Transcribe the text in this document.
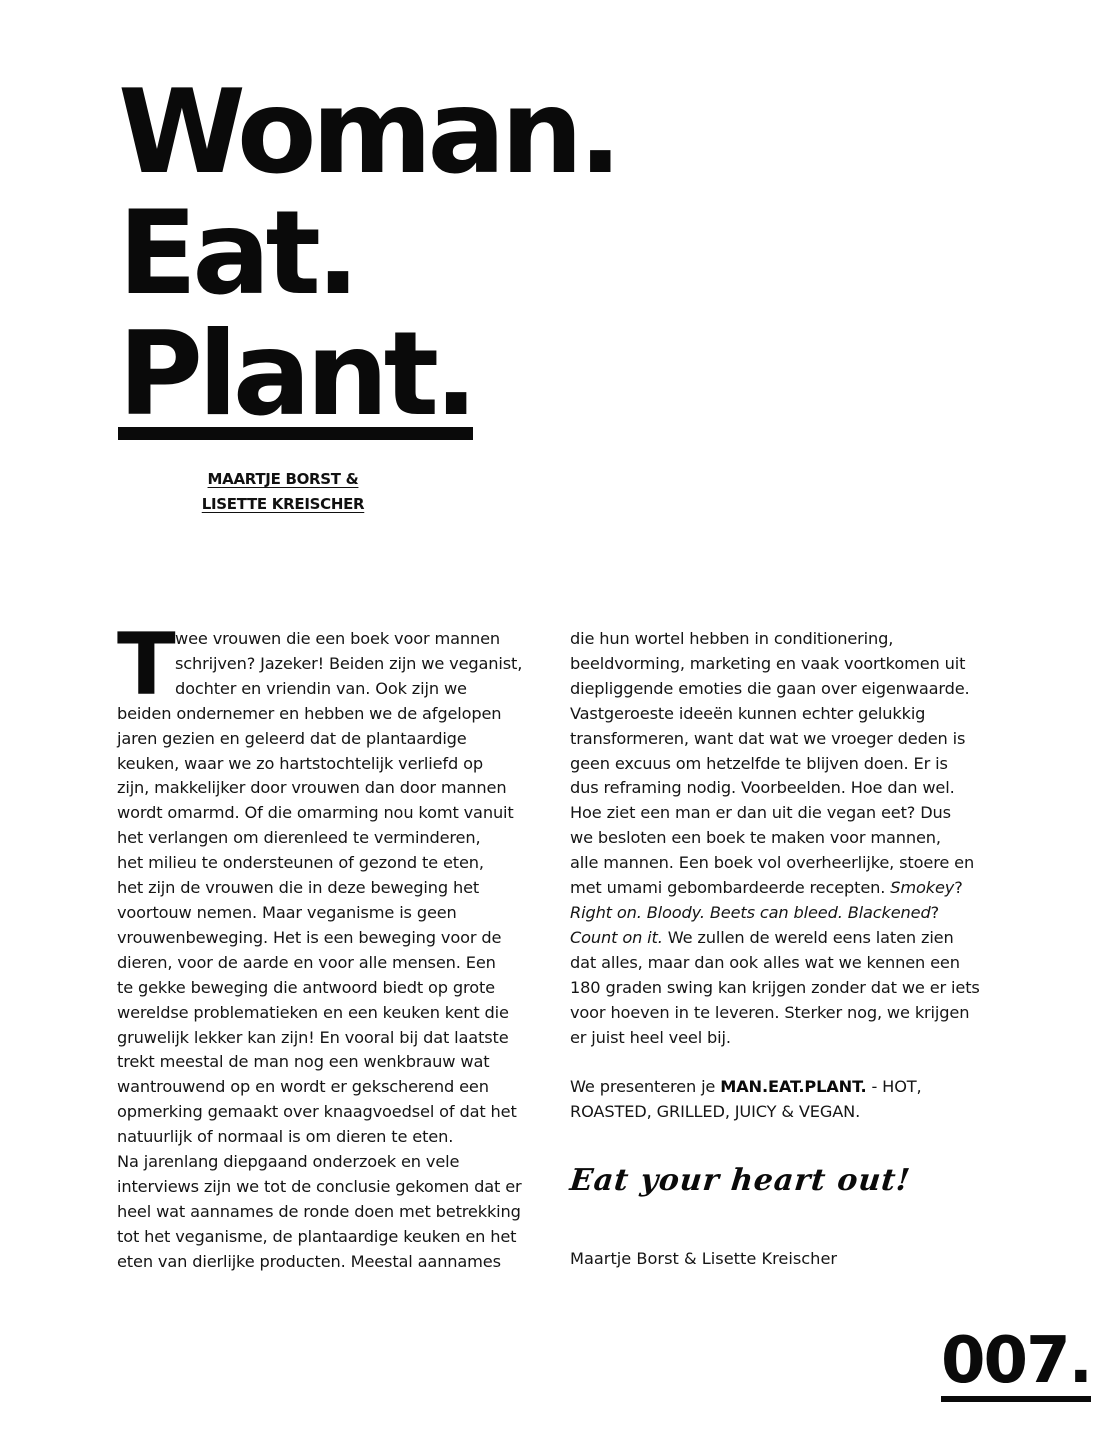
Woman.
Eat.
Plant.
MAARTJE BORST &
LISETTE KREISCHER
T wee vrouwen die een boek voor mannen
schrijven? Jazeker! Beiden zijn we veganist,
dochter en vriendin van. Ook zijn we
beiden ondernemer en hebben we de afgelopen
jaren gezien en geleerd dat de plantaardige
keuken, waar we zo hartstochtelijk verliefd op
zijn, makkelijker door vrouwen dan door mannen
wordt omarmd. Of die omarming nou komt vanuit
het verlangen om dierenleed te verminderen,
het milieu te ondersteunen of gezond te eten,
het zijn de vrouwen die in deze beweging het
voortouw nemen. Maar veganisme is geen
vrouwenbeweging. Het is een beweging voor de
dieren, voor de aarde en voor alle mensen. Een
te gekke beweging die antwoord biedt op grote
wereldse problematieken en een keuken kent die
gruwelijk lekker kan zijn! En vooral bij dat laatste
trekt meestal de man nog een wenkbrauw wat
wantrouwend op en wordt er gekscherend een
opmerking gemaakt over knaagvoedsel of dat het
natuurlijk of normaal is om dieren te eten.
Na jarenlang diepgaand onderzoek en vele
interviews zijn we tot de conclusie gekomen dat er
heel wat aannames de ronde doen met betrekking
tot het veganisme, de plantaardige keuken en het
eten van dierlijke producten. Meestal aannames
die hun wortel hebben in conditionering,
beeldvorming, marketing en vaak voortkomen uit
diepliggende emoties die gaan over eigenwaarde.
Vastgeroeste ideeën kunnen echter gelukkig
transformeren, want dat wat we vroeger deden is
geen excuus om hetzelfde te blijven doen. Er is
dus reframing nodig. Voorbeelden. Hoe dan wel.
Hoe ziet een man er dan uit die vegan eet? Dus
we besloten een boek te maken voor mannen,
alle mannen. Een boek vol overheerlijke, stoere en
met umami gebombardeerde recepten. Smokey?
Right on. Bloody. Beets can bleed. Blackened?
Count on it. We zullen de wereld eens laten zien
dat alles, maar dan ook alles wat we kennen een
180 graden swing kan krijgen zonder dat we er iets
voor hoeven in te leveren. Sterker nog, we krijgen
er juist heel veel bij.
We presenteren je MAN.EAT.PLANT. - HOT,
ROASTED, GRILLED, JUICY & VEGAN.
Eat your heart out!
Maartje Borst & Lisette Kreischer
007.
